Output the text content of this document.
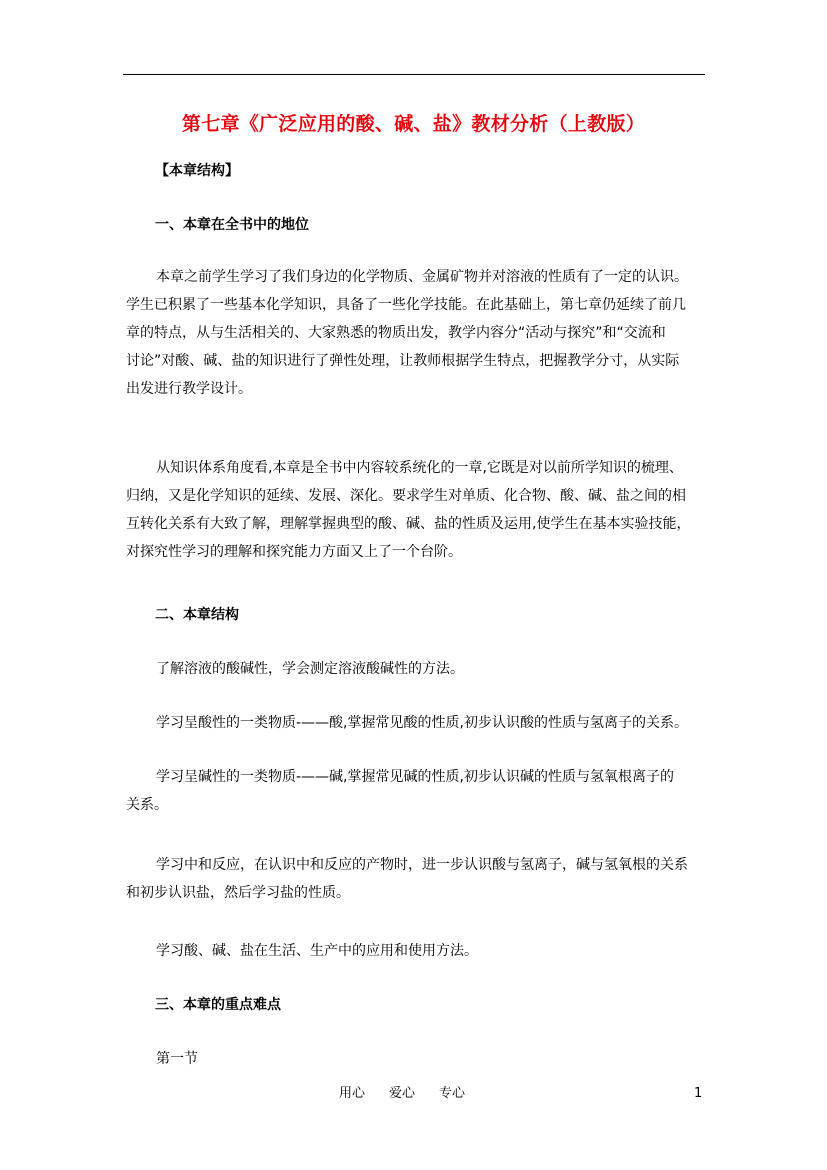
第七章《广泛应用的酸、碱、盐》教材分析（上教版）
【本章结构】
一、本章在全书中的地位
本章之前学生学习了我们身边的化学物质、金属矿物并对溶液的性质有了一定的认识。
学生已积累了一些基本化学知识，具备了一些化学技能。在此基础上，第七章仍延续了前几
章的特点，从与生活相关的、大家熟悉的物质出发，教学内容分“活动与探究”和“交流和
讨论”对酸、碱、盐的知识进行了弹性处理，让教师根据学生特点，把握教学分寸，从实际
出发进行教学设计。
从知识体系角度看,本章是全书中内容较系统化的一章,它既是对以前所学知识的梳理、
归纳，又是化学知识的延续、发展、深化。要求学生对单质、化合物、酸、碱、盐之间的相
互转化关系有大致了解，理解掌握典型的酸、碱、盐的性质及运用,使学生在基本实验技能，
对探究性学习的理解和探究能力方面又上了一个台阶。
二、本章结构
了解溶液的酸碱性，学会测定溶液酸碱性的方法。
学习呈酸性的一类物质-——酸,掌握常见酸的性质,初步认识酸的性质与氢离子的关系。
学习呈碱性的一类物质-——碱,掌握常见碱的性质,初步认识碱的性质与氢氧根离子的
关系。
学习中和反应，在认识中和反应的产物时，进一步认识酸与氢离子，碱与氢氧根的关系
和初步认识盐，然后学习盐的性质。
学习酸、碱、盐在生活、生产中的应用和使用方法。
三、本章的重点难点
第一节
用心 爱心 专心	1
